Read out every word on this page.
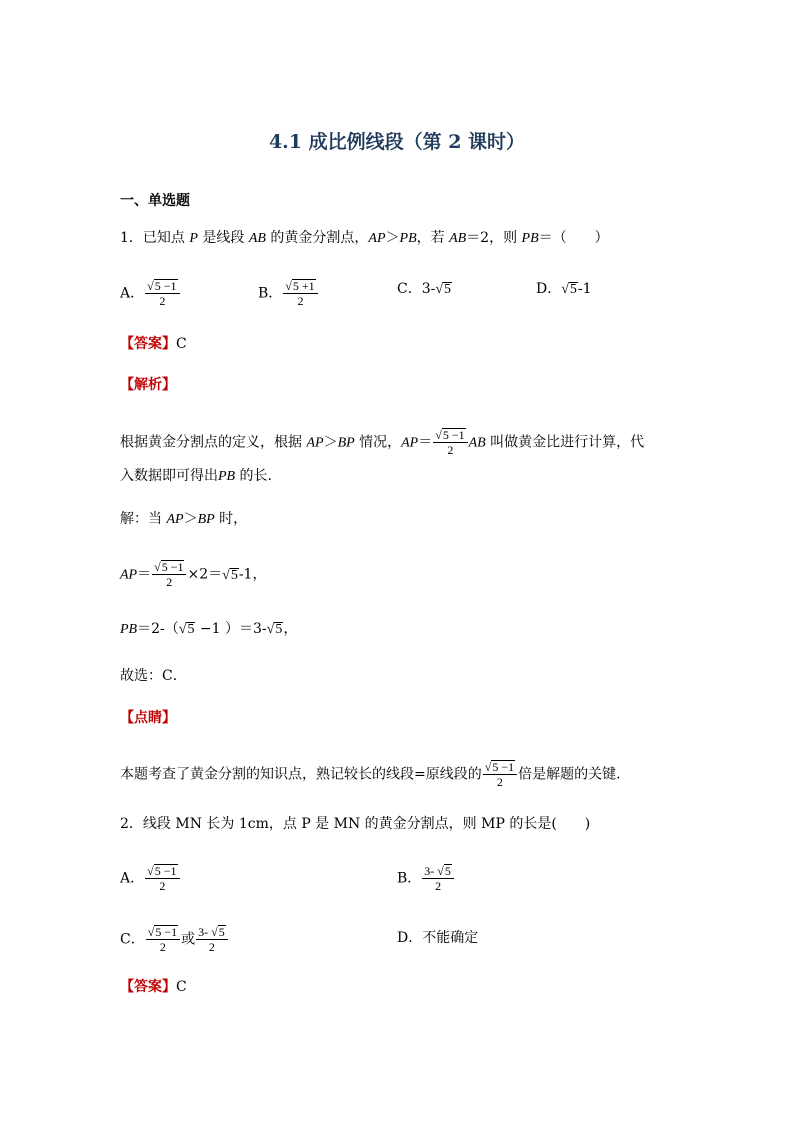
4.1 成比例线段（第 2 课时）
一、单选题
1．已知点 P 是线段 AB 的黄金分割点，AP＞PB，若 AB＝2，则 PB＝（　　）
A． $\frac{√5 -1}{2}$	B． $\frac{√5 +1}{2}$	C．3-√5	D．√5-1
【答案】C
【解析】
根据黄金分割点的定义，根据 AP＞BP 情况，$AP= \frac{√5 -1}{2}$ AB 叫做黄金比进行计算，代
入数据即可得出PB 的长．
解：当 AP＞BP 时，
$AP= \frac{√5 -1}{2} \times 2=√5-1$，
PB＝2-（√5 −1 ）＝3-√5，
故选：C．
【点睛】
本题考查了黄金分割的知识点，熟记较长的线段=原线段的 $\frac{√5 -1}{2}$ 倍是解题的关键．
2．线段 MN 长为 1cm，点 P 是 MN 的黄金分割点，则 MP 的长是(　　)
A． $\frac{√5 -1}{2}$	B． $\frac{3- √5}{2}$
C． $\frac{√5 -1}{2}$ 或 $\frac{3- √5}{2}$	D．不能确定
【答案】C
